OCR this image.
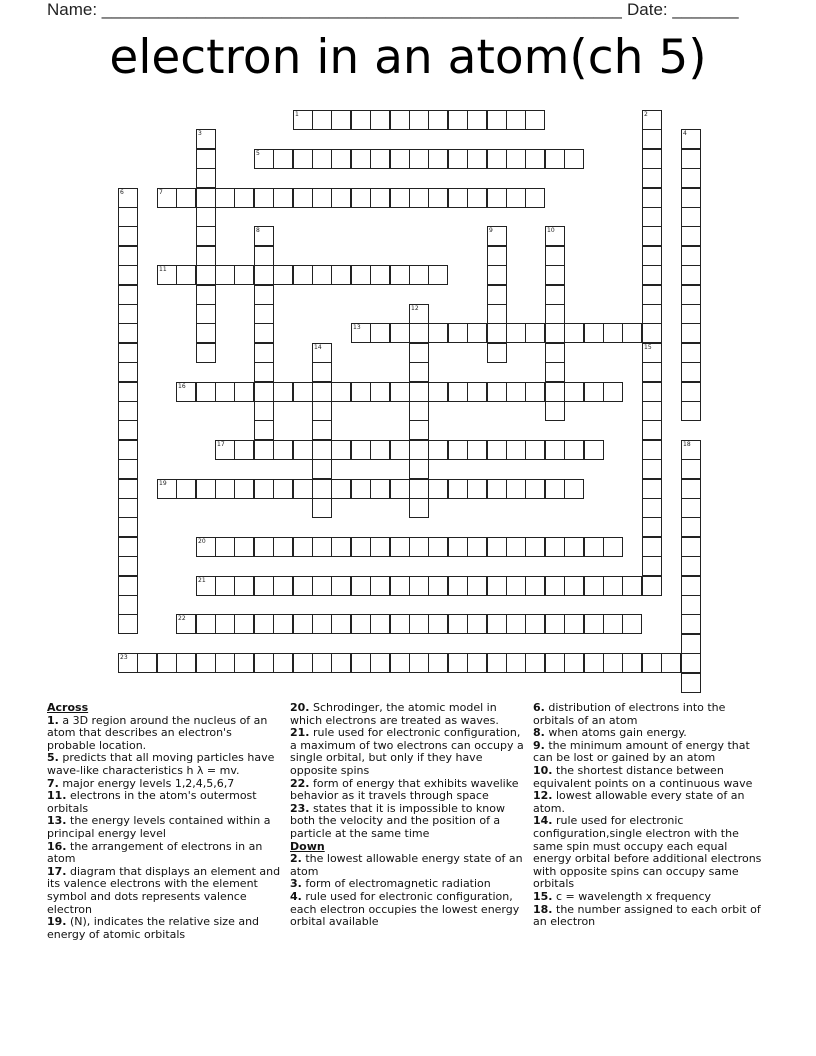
Name: _______________________________________________________ Date: _______
electron in an atom(ch 5)
1	2
15
3	4
5
6	7
8	9	10
11
12
13
14
16
17	18
19
20
21
22
23
Across
1. a 3D region around the nucleus of an atom that describes an electron's probable location.
5. predicts that all moving particles have wave-like characteristics h λ = mv.
7. major energy levels 1,2,4,5,6,7
11. electrons in the atom's outermost orbitals
13. the energy levels contained within a principal energy level
16. the arrangement of electrons in an atom
17. diagram that displays an element and its valence electrons with the element symbol and dots represents valence electron
19. (N), indicates the relative size and energy of atomic orbitals
20. Schrodinger, the atomic model in which electrons are treated as waves.
21. rule used for electronic configuration, a maximum of two electrons can occupy a single orbital, but only if they have opposite spins
22. form of energy that exhibits wavelike behavior as it travels through space
23. states that it is impossible to know both the velocity and the position of a particle at the same time
Down
2. the lowest allowable energy state of an atom
3. form of electromagnetic radiation
4. rule used for electronic configuration, each electron occupies the lowest energy orbital available
6. distribution of electrons into the orbitals of an atom
8. when atoms gain energy.
9. the minimum amount of energy that can be lost or gained by an atom
10. the shortest distance between equivalent points on a continuous wave
12. lowest allowable every state of an atom.
14. rule used for electronic configuration,single electron with the same spin must occupy each equal energy orbital before additional electrons with opposite spins can occupy same orbitals
15. c = wavelength x frequency
18. the number assigned to each orbit of an electron
